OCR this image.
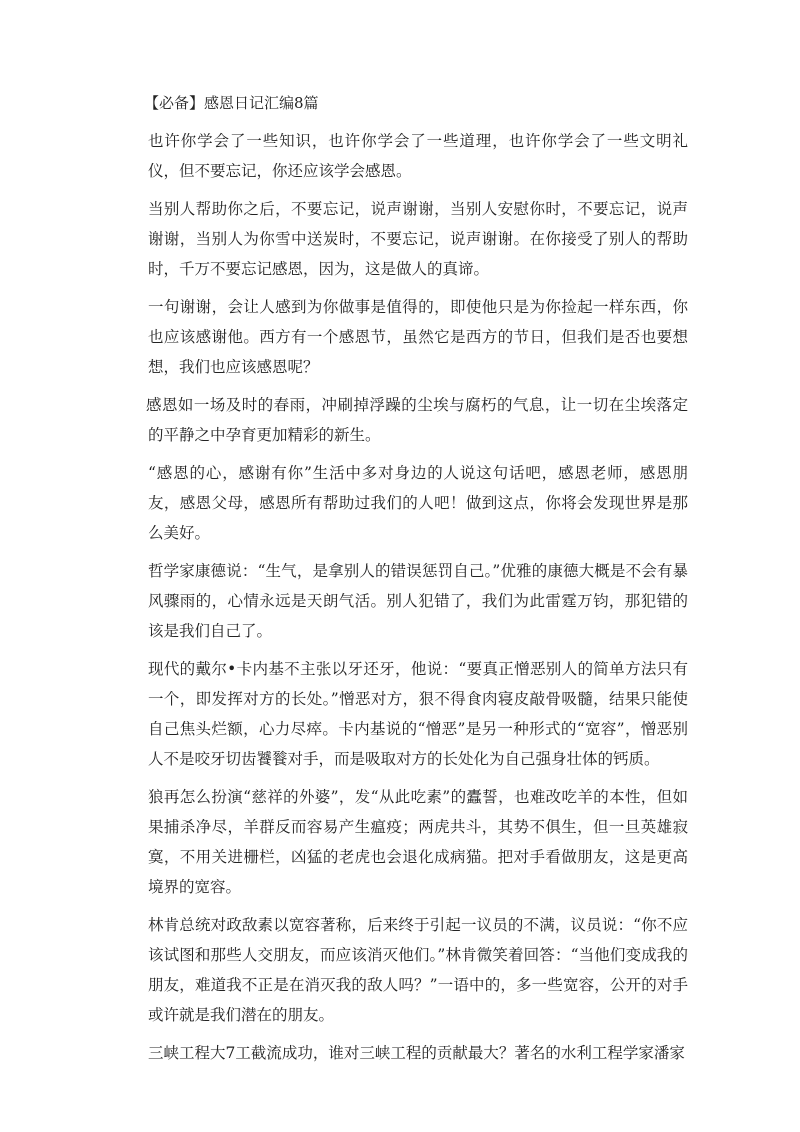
【必备】感恩日记汇编8篇

也许你学会了一些知识，也许你学会了一些道理，也许你学会了一些文明礼仪，但不要忘记，你还应该学会感恩。

当别人帮助你之后，不要忘记，说声谢谢，当别人安慰你时，不要忘记，说声谢谢，当别人为你雪中送炭时，不要忘记，说声谢谢。在你接受了别人的帮助时，千万不要忘记感恩，因为，这是做人的真谛。

一句谢谢，会让人感到为你做事是值得的，即使他只是为你捡起一样东西，你也应该感谢他。西方有一个感恩节，虽然它是西方的节日，但我们是否也要想想，我们也应该感恩呢？

感恩如一场及时的春雨，冲刷掉浮躁的尘埃与腐朽的气息，让一切在尘埃落定的平静之中孕育更加精彩的新生。

“感恩的心，感谢有你”生活中多对身边的人说这句话吧，感恩老师，感恩朋友，感恩父母，感恩所有帮助过我们的人吧！做到这点，你将会发现世界是那么美好。

哲学家康德说：“生气，是拿别人的错误惩罚自己。”优雅的康德大概是不会有暴风骤雨的，心情永远是天朗气活。别人犯错了，我们为此雷霆万钧，那犯错的该是我们自己了。

现代的戴尔•卡内基不主张以牙还牙，他说：“要真正憎恶别人的简单方法只有一个，即发挥对方的长处。”憎恶对方，狠不得食肉寝皮敲骨吸髓，结果只能使自己焦头烂额，心力尽瘁。卡内基说的“憎恶”是另一种形式的“宽容”，憎恶别人不是咬牙切齿饕餮对手，而是吸取对方的长处化为自己强身壮体的钙质。

狼再怎么扮演“慈祥的外婆”，发“从此吃素”的蠹誓，也难改吃羊的本性，但如果捕杀净尽，羊群反而容易产生瘟疫；两虎共斗，其势不俱生，但一旦英雄寂寞，不用关进栅栏，凶猛的老虎也会退化成病猫。把对手看做朋友，这是更高境界的宽容。

林肯总统对政敌素以宽容著称，后来终于引起一议员的不满，议员说：“你不应该试图和那些人交朋友，而应该消灭他们。”林肯微笑着回答：“当他们变成我的朋友，难道我不正是在消灭我的敌人吗？”一语中的，多一些宽容，公开的对手或许就是我们潜在的朋友。

三峡工程大7工截流成功，谁对三峡工程的贡献最大？著名的水利工程学家潘家
